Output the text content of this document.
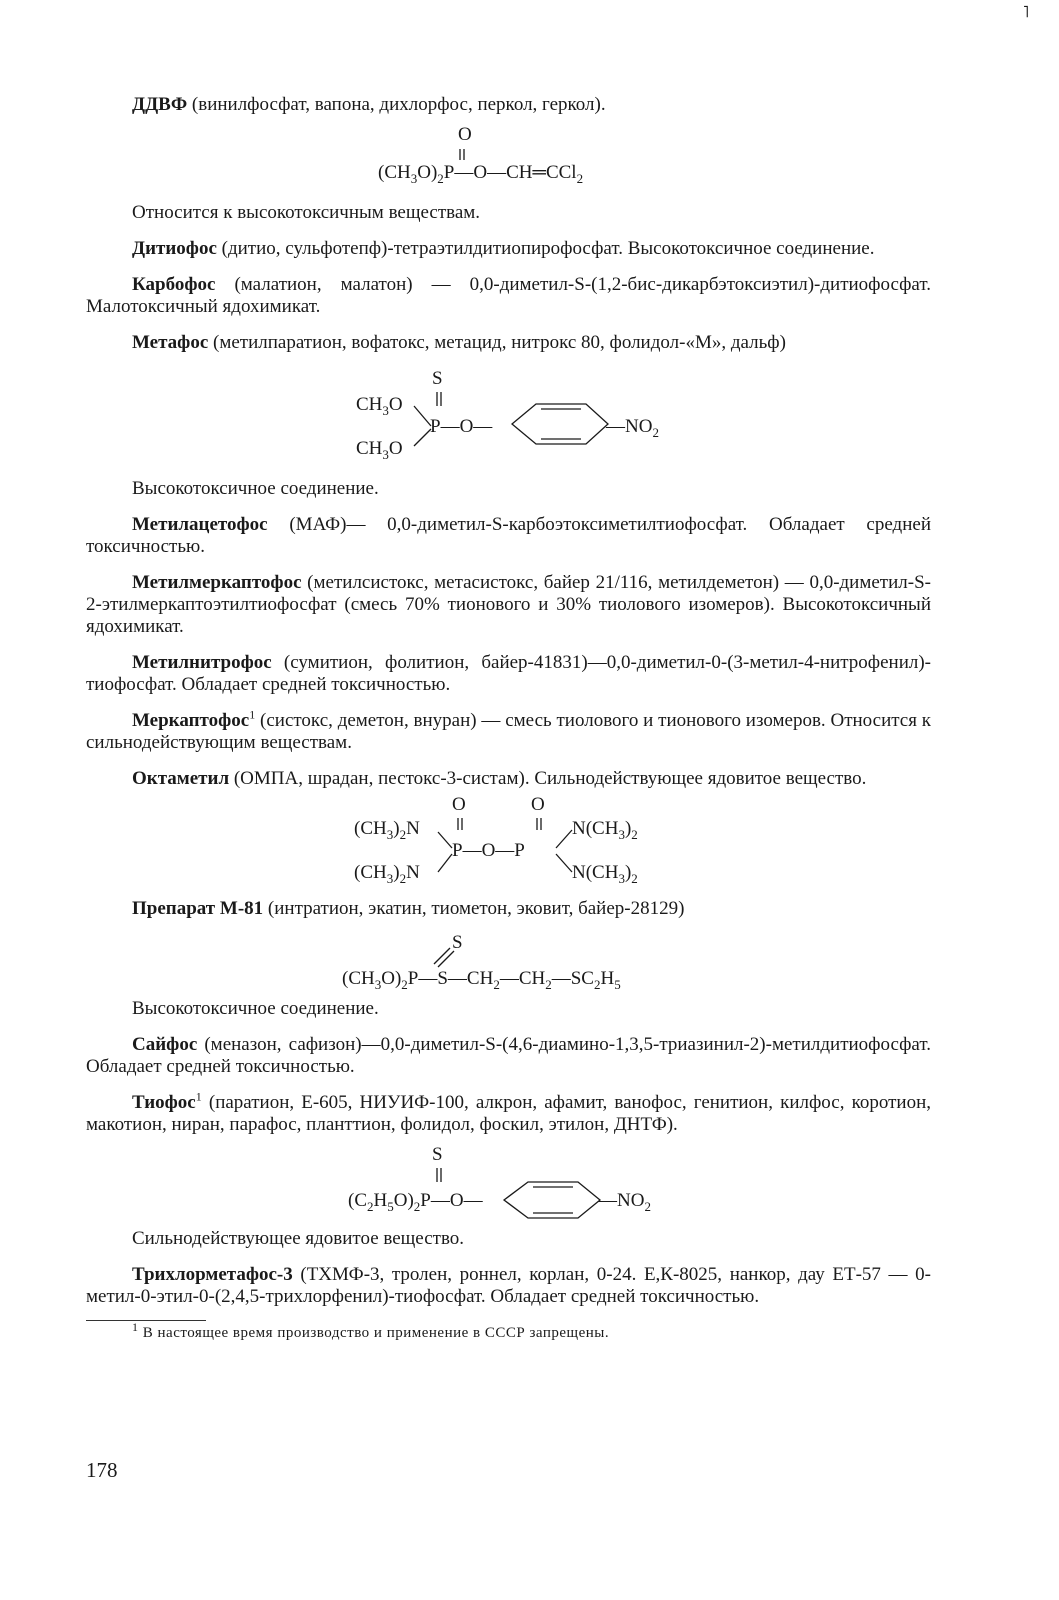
˥

ДДВФ (винилфосфат, вапона, дихлорфос, перкол, геркол).

O
$(CH_3O)_2P—O—CH═CCl_2$

Относится к высокотоксичным веществам.

Дитиофос (дитио, сульфотепф)-тетраэтилдитиопирофосфат. Высокотоксичное соединение.

Карбофос (малатион, малатон) — 0,0-диметил-S-(1,2-бис-дикарбэтоксиэтил)-дитиофосфат. Малотоксичный ядохимикат.

Метафос (метилпаратион, вофатокс, метацид, нитрокс 80, фолидол-«М», дальф)

S
$CH_3O$
$CH_3O$
P—O—	$—NO_2$

Высокотоксичное соединение.

Метилацетофос (МАФ)— 0,0-диметил-S-карбоэтоксиметилтиофосфат. Обладает средней токсичностью.

Метилмеркаптофос (метилсистокс, метасистокс, байер 21/116, метилдеметон) — 0,0-диметил-S-2-этилмеркаптоэтилтиофосфат (смесь 70% тионового и 30% тиолового изомеров). Высокотоксичный ядохимикат.

Метилнитрофос (сумитион, фолитион, байер-41831)—0,0-диметил-0-(3-метил-4-нитрофенил)-тиофосфат. Обладает средней токсичностью.

Меркаптофос$^1$ (систокс, деметон, внуран) — смесь тиолового и тионового изомеров. Относится к сильнодействующим веществам.

Октаметил (ОМПА, шрадан, пестокс-3-систам). Сильнодействующее ядовитое вещество.

O	O
$(CH_3)_2N$
$(CH_3)_2N$
P—O—P
$N(CH_3)_2$
$N(CH_3)_2$

Препарат М-81 (интратион, экатин, тиометон, эковит, байер-28129)

S
$(CH_3O)_2P—S—CH_2—CH_2—SC_2H_5$

Высокотоксичное соединение.

Сайфос (меназон, сафизон)—0,0-диметил-S-(4,6-диамино-1,3,5-триазинил-2)-метилдитиофосфат. Обладает средней токсичностью.

Тиофос$^1$ (паратион, Е-605, НИУИФ-100, алкрон, афамит, ванофос, генитион, килфос, коротион, макотион, ниран, парафос, планттион, фолидол, фоскил, этилон, ДНТФ).

S
$(C_2H_5O)_2P—O—$	$—NO_2$

Сильнодействующее ядовитое вещество.

Трихлорметафос-3 (ТХМФ-3, тролен, роннел, корлан, 0-24. Е,К-8025, нанкор, дау ЕТ-57 — 0-метил-0-этил-0-(2,4,5-трихлорфенил)-тиофосфат. Обладает средней токсичностью.

$^1$ В настоящее время производство и применение в СССР запрещены.

178
